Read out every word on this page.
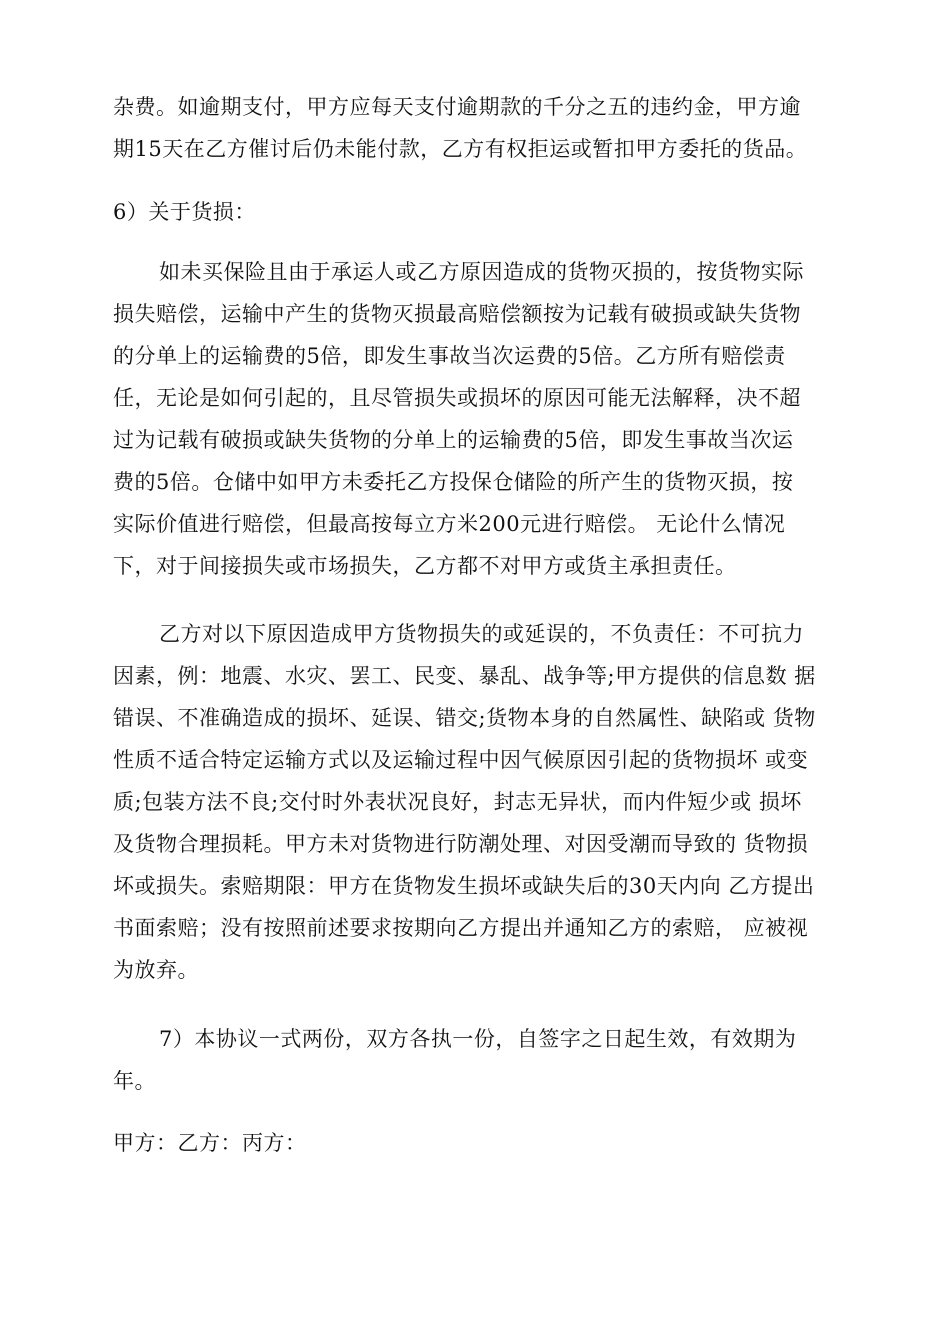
杂费。如逾期支付，甲方应每天支付逾期款的千分之五的违约金，甲方逾
期15天在乙方催讨后仍未能付款，乙方有权拒运或暂扣甲方委托的货品。
6）关于货损：
如未买保险且由于承运人或乙方原因造成的货物灭损的，按货物实际
损失赔偿，运输中产生的货物灭损最高赔偿额按为记载有破损或缺失货物
的分单上的运输费的5倍，即发生事故当次运费的5倍。乙方所有赔偿责
任，无论是如何引起的，且尽管损失或损坏的原因可能无法解释，决不超
过为记载有破损或缺失货物的分单上的运输费的5倍，即发生事故当次运
费的5倍。仓储中如甲方未委托乙方投保仓储险的所产生的货物灭损，按
实际价值进行赔偿，但最高按每立方米200元进行赔偿。 无论什么情况
下，对于间接损失或市场损失，乙方都不对甲方或货主承担责任。
乙方对以下原因造成甲方货物损失的或延误的，不负责任：不可抗力
因素，例：地震、水灾、罢工、民变、暴乱、战争等;甲方提供的信息数 据
错误、不准确造成的损坏、延误、错交;货物本身的自然属性、缺陷或 货物
性质不适合特定运输方式以及运输过程中因气候原因引起的货物损坏 或变
质;包装方法不良;交付时外表状况良好，封志无异状，而内件短少或 损坏
及货物合理损耗。甲方未对货物进行防潮处理、对因受潮而导致的 货物损
坏或损失。索赔期限：甲方在货物发生损坏或缺失后的30天内向 乙方提出
书面索赔；没有按照前述要求按期向乙方提出并通知乙方的索赔， 应被视
为放弃。
7）本协议一式两份，双方各执一份，自签字之日起生效，有效期为
年。
甲方：乙方：丙方：
